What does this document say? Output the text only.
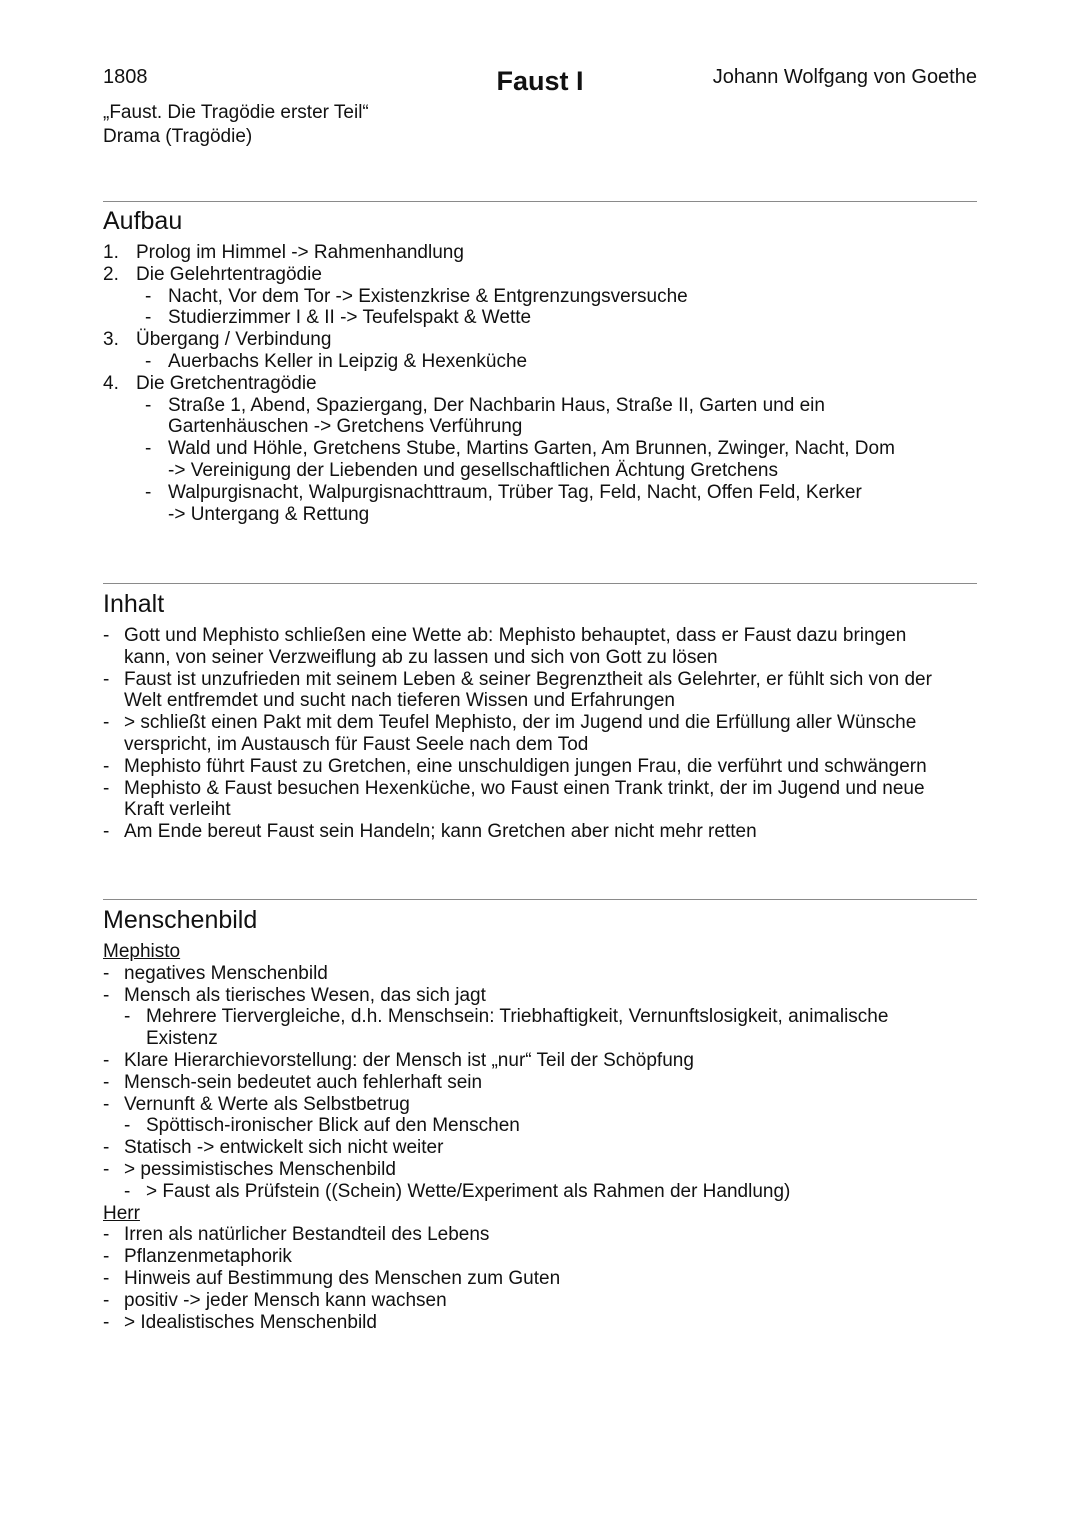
1808	Faust I	Johann Wolfgang von Goethe
„Faust. Die Tragödie erster Teil“
Drama (Tragödie)
Aufbau
1. Prolog im Himmel -> Rahmenhandlung
2. Die Gelehrtentragödie
- Nacht, Vor dem Tor -> Existenzkrise & Entgrenzungsversuche
- Studierzimmer I & II -> Teufelspakt & Wette
3. Übergang / Verbindung
- Auerbachs Keller in Leipzig & Hexenküche
4. Die Gretchentragödie
- Straße 1, Abend, Spaziergang, Der Nachbarin Haus, Straße II, Garten und ein
Gartenhäuschen -> Gretchens Verführung
- Wald und Höhle, Gretchens Stube, Martins Garten, Am Brunnen, Zwinger, Nacht, Dom
-> Vereinigung der Liebenden und gesellschaftlichen Ächtung Gretchens
- Walpurgisnacht, Walpurgisnachttraum, Trüber Tag, Feld, Nacht, Offen Feld, Kerker
-> Untergang & Rettung
Inhalt
- Gott und Mephisto schließen eine Wette ab: Mephisto behauptet, dass er Faust dazu bringen
kann, von seiner Verzweiflung ab zu lassen und sich von Gott zu lösen
- Faust ist unzufrieden mit seinem Leben & seiner Begrenztheit als Gelehrter, er fühlt sich von der
Welt entfremdet und sucht nach tieferen Wissen und Erfahrungen
- > schließt einen Pakt mit dem Teufel Mephisto, der im Jugend und die Erfüllung aller Wünsche
verspricht, im Austausch für Faust Seele nach dem Tod
- Mephisto führt Faust zu Gretchen, eine unschuldigen jungen Frau, die verführt und schwängern
- Mephisto & Faust besuchen Hexenküche, wo Faust einen Trank trinkt, der im Jugend und neue
Kraft verleiht
- Am Ende bereut Faust sein Handeln; kann Gretchen aber nicht mehr retten
Menschenbild
Mephisto
- negatives Menschenbild
- Mensch als tierisches Wesen, das sich jagt
- Mehrere Tiervergleiche, d.h. Menschsein: Triebhaftigkeit, Vernunftslosigkeit, animalische
Existenz
- Klare Hierarchievorstellung: der Mensch ist „nur“ Teil der Schöpfung
- Mensch-sein bedeutet auch fehlerhaft sein
- Vernunft & Werte als Selbstbetrug
- Spöttisch-ironischer Blick auf den Menschen
- Statisch -> entwickelt sich nicht weiter
- > pessimistisches Menschenbild
- > Faust als Prüfstein ((Schein) Wette/Experiment als Rahmen der Handlung)
Herr
- Irren als natürlicher Bestandteil des Lebens
- Pflanzenmetaphorik
- Hinweis auf Bestimmung des Menschen zum Guten
- positiv -> jeder Mensch kann wachsen
- > Idealistisches Menschenbild
